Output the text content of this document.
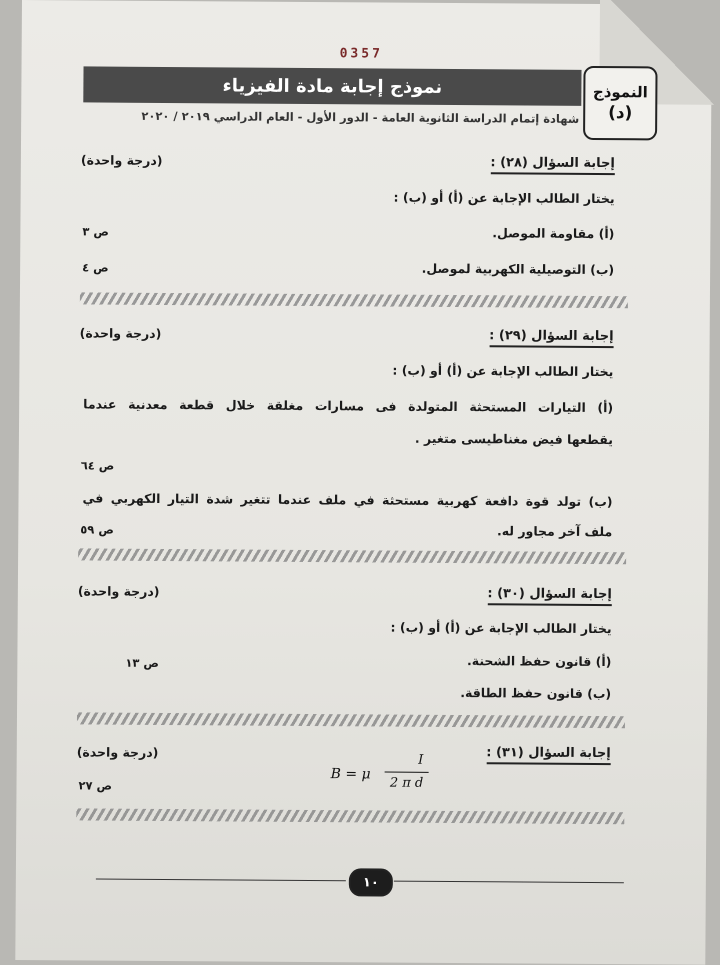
0357
النموذج
(د)
نموذج إجابة مادة الفيزياء
شهادة إتمام الدراسة الثانوية العامة - الدور الأول - العام الدراسي ٢٠١٩ / ٢٠٢٠
إجابة السؤال (٢٨) :
(درجة واحدة)
يختار الطالب الإجابة عن (أ) أو (ب) :
(أ) مقاومة الموصل.
ص ٣
(ب) التوصيلية الكهربية لموصل.
ص ٤
إجابة السؤال (٢٩) :
(درجة واحدة)
يختار الطالب الإجابة عن (أ) أو (ب) :
(أ) التيارات المستحثة المتولدة فى مسارات مغلقة خلال قطعة معدنية عندما
يقطعها فيض مغناطيسى متغير .
ص ٦٤
(ب) تولد قوة دافعة كهربية مستحثة في ملف عندما تتغير شدة التيار الكهربي في
ملف آخر مجاور له.
ص ٥٩
إجابة السؤال (٣٠) :
(درجة واحدة)
يختار الطالب الإجابة عن (أ) أو (ب) :
(أ) قانون حفظ الشحنة.
ص ١٣
(ب) قانون حفظ الطاقة.
إجابة السؤال (٣١) :
(درجة واحدة)
ص ٢٧
B = μ
I
2 π d
١٠
